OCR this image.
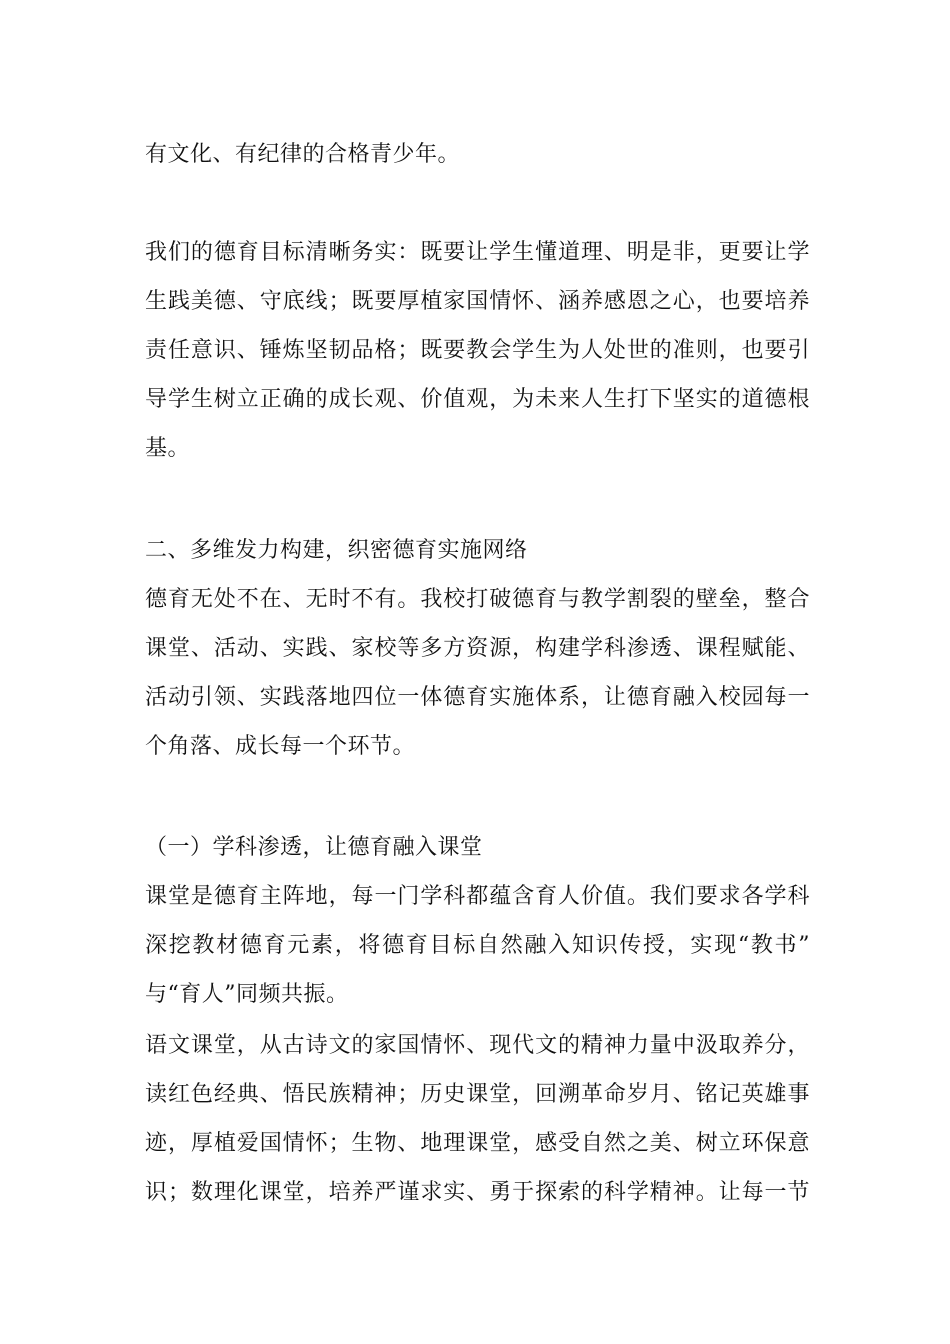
有文化、有纪律的合格青少年。
我们的德育目标清晰务实：既要让学生懂道理、明是非，更要让学
生践美德、守底线；既要厚植家国情怀、涵养感恩之心，也要培养
责任意识、锤炼坚韧品格；既要教会学生为人处世的准则，也要引
导学生树立正确的成长观、价值观，为未来人生打下坚实的道德根
基。
二、多维发力构建，织密德育实施网络
德育无处不在、无时不有。我校打破德育与教学割裂的壁垒，整合
课堂、活动、实践、家校等多方资源，构建学科渗透、课程赋能、
活动引领、实践落地四位一体德育实施体系，让德育融入校园每一
个角落、成长每一个环节。
（一）学科渗透，让德育融入课堂
课堂是德育主阵地，每一门学科都蕴含育人价值。我们要求各学科
深挖教材德育元素，将德育目标自然融入知识传授，实现“教书”
与“育人”同频共振。
语文课堂，从古诗文的家国情怀、现代文的精神力量中汲取养分，
读红色经典、悟民族精神；历史课堂，回溯革命岁月、铭记英雄事
迹，厚植爱国情怀；生物、地理课堂，感受自然之美、树立环保意
识；数理化课堂，培养严谨求实、勇于探索的科学精神。让每一节
